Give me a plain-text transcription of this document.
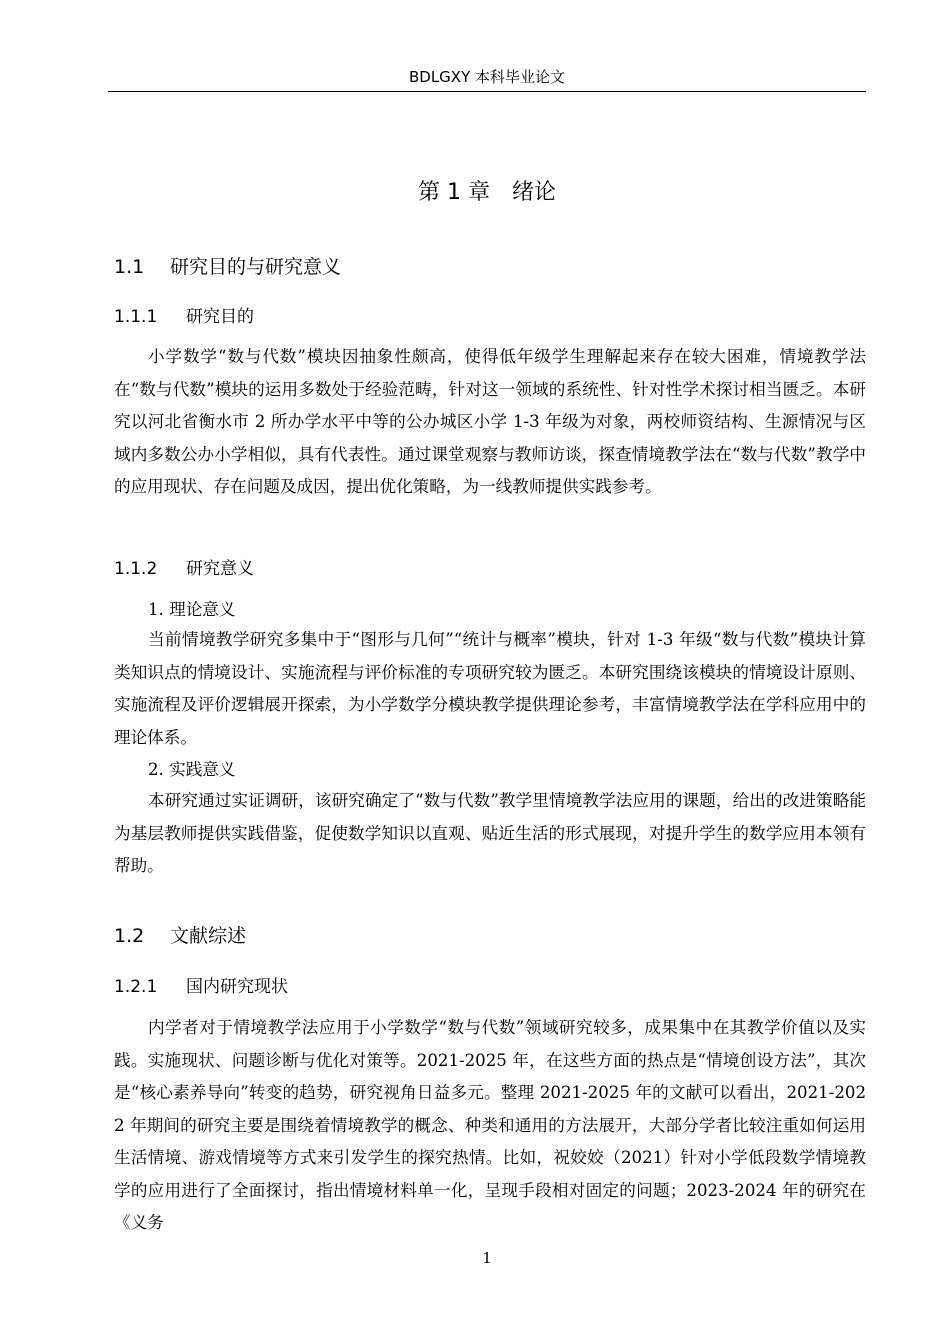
BDLGXY 本科毕业论文
第 1 章　绪论
1.1 研究目的与研究意义
1.1.1 研究目的

小学数学“数与代数”模块因抽象性颇高，使得低年级学生理解起来存在较大困难，情境教学法在“数与代数”模块的运用多数处于经验范畴，针对这一领域的系统性、针对性学术探讨相当匮乏。本研究以河北省衡水市 2 所办学水平中等的公办城区小学 1-3 年级为对象，两校师资结构、生源情况与区域内多数公办小学相似，具有代表性。通过课堂观察与教师访谈，探查情境教学法在“数与代数”教学中的应用现状、存在问题及成因，提出优化策略，为一线教师提供实践参考。

1.1.2 研究意义
1. 理论意义

当前情境教学研究多集中于“图形与几何”“统计与概率”模块，针对 1-3 年级“数与代数”模块计算类知识点的情境设计、实施流程与评价标准的专项研究较为匮乏。本研究围绕该模块的情境设计原则、实施流程及评价逻辑展开探索，为小学数学分模块教学提供理论参考，丰富情境教学法在学科应用中的理论体系。

2. 实践意义

本研究通过实证调研，该研究确定了“数与代数”教学里情境教学法应用的课题，给出的改进策略能为基层教师提供实践借鉴，促使数学知识以直观、贴近生活的形式展现，对提升学生的数学应用本领有帮助。

1.2 文献综述
1.2.1 国内研究现状

内学者对于情境教学法应用于小学数学“数与代数”领域研究较多，成果集中在其教学价值以及实践。实施现状、问题诊断与优化对策等。2021-2025 年，在这些方面的热点是“情境创设方法”，其次是“核心素养导向”转变的趋势，研究视角日益多元。整理 2021-2025 年的文献可以看出，2021-2022 年期间的研究主要是围绕着情境教学的概念、种类和通用的方法展开，大部分学者比较注重如何运用生活情境、游戏情境等方式来引发学生的探究热情。比如，祝姣姣（2021）针对小学低段数学情境教学的应用进行了全面探讨，指出情境材料单一化，呈现手段相对固定的问题；2023-2024 年的研究在《义务

1
